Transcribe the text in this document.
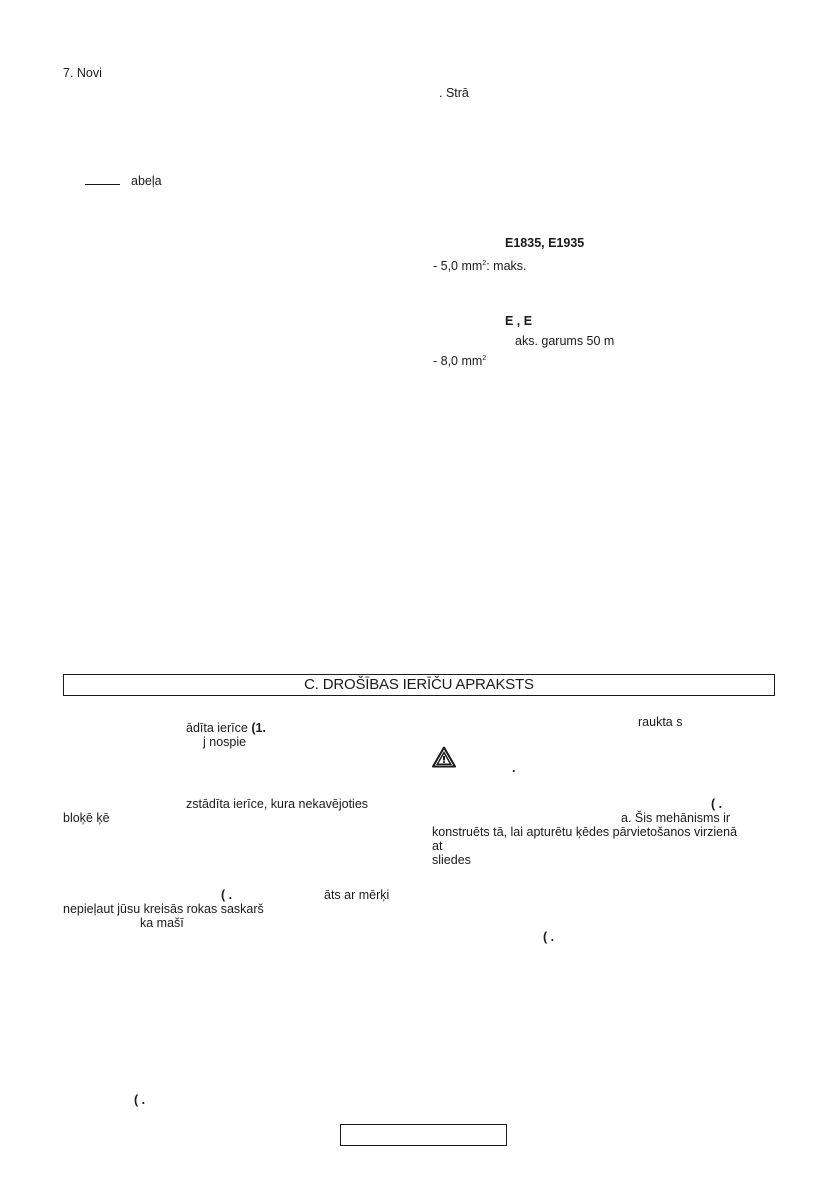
7. Novi
abeļa
. Strā
E1835, E1935
- 5,0 $mm^2$: maks.
E , E
aks. garums 50 m
- 8,0 $mm^2$
C. DROŠĪBAS IERĪČU APRAKSTS
ādīta ierīce (1.
j nospie
zstādīta ierīce, kura nekavējoties
bloķē ķē
( .	āts ar mērķi
nepieļaut jūsu kreisās rokas saskarš
ka mašī
( .
raukta s
.
( .
a. Šis mehānisms ir
konstruēts tā, lai apturētu ķēdes pārvietošanos virzienā
at
sliedes
( .
